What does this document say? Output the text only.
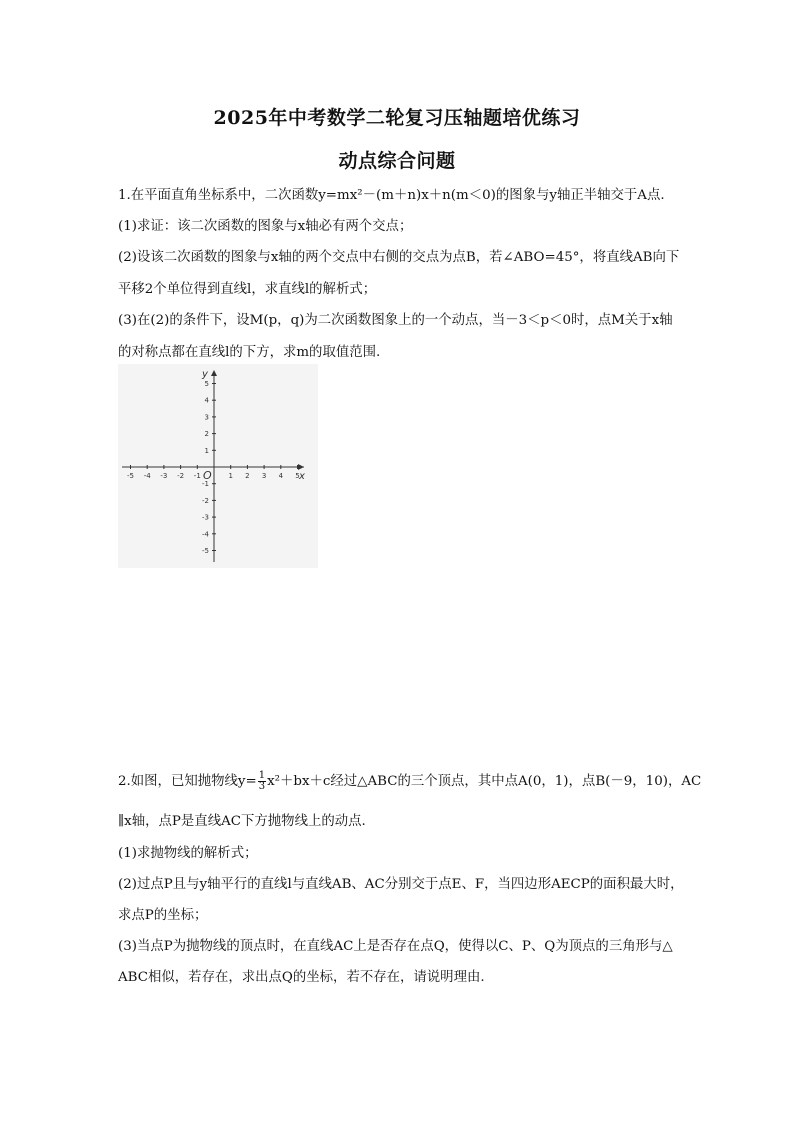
2025年中考数学二轮复习压轴题培优练习
动点综合问题
1.在平面直角坐标系中，二次函数y=mx²－(m＋n)x＋n(m＜0)的图象与y轴正半轴交于A点.
(1)求证：该二次函数的图象与x轴必有两个交点；
(2)设该二次函数的图象与x轴的两个交点中右侧的交点为点B，若∠ABO=45°，将直线AB向下
平移2个单位得到直线l，求直线l的解析式；
(3)在(2)的条件下，设M(p，q)为二次函数图象上的一个动点，当－3＜p＜0时，点M关于x轴
的对称点都在直线l的下方，求m的取值范围.
x
y
O
-5 -4 -3 -2 -1	1 2 3 4 5
5
4
3
2
1
-1
-2
-3
-4
-5
2.如图，已知抛物线$y= \frac{1}{3} x^2+bx+c$经过△ABC的三个顶点，其中点A(0，1)，点B(－9，10)，AC
∥x轴，点P是直线AC下方抛物线上的动点.
(1)求抛物线的解析式；
(2)过点P且与y轴平行的直线l与直线AB、AC分别交于点E、F，当四边形AECP的面积最大时，
求点P的坐标；
(3)当点P为抛物线的顶点时，在直线AC上是否存在点Q，使得以C、P、Q为顶点的三角形与△
ABC相似，若存在，求出点Q的坐标，若不存在，请说明理由.
